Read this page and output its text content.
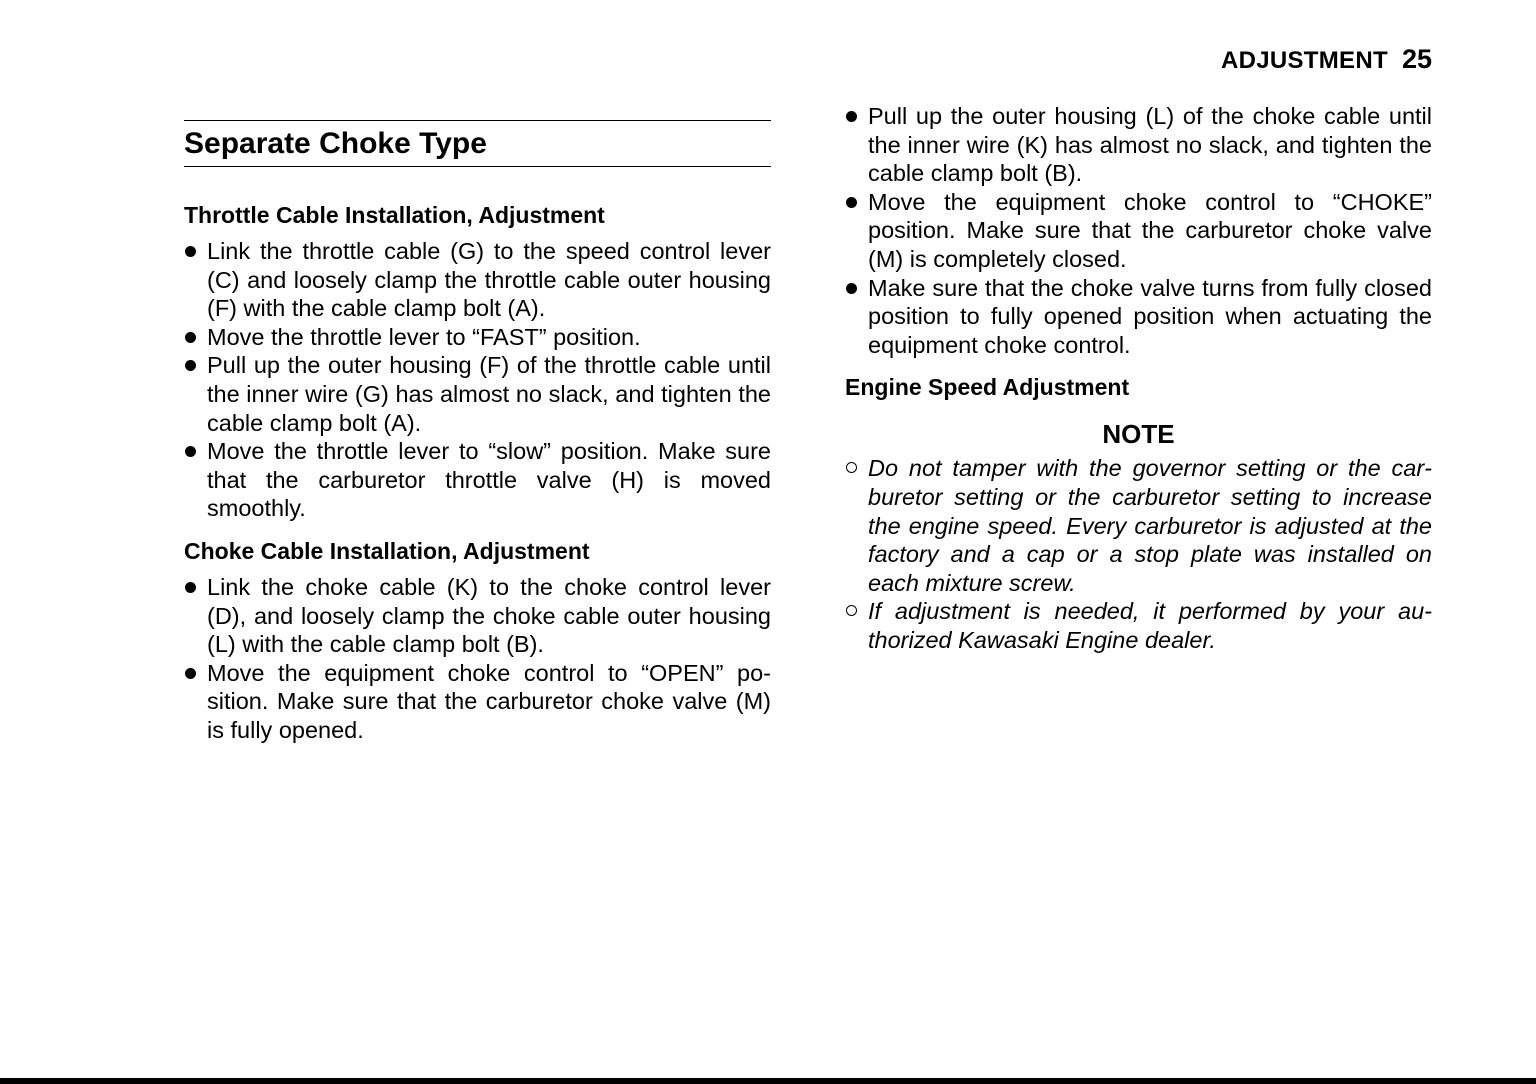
ADJUSTMENT 25
Separate Choke Type
Throttle Cable Installation, Adjustment
Link the throttle cable (G) to the speed control lever (C) and loosely clamp the throttle cable outer housing (F) with the cable clamp bolt (A).
Move the throttle lever to “FAST” position.
Pull up the outer housing (F) of the throttle cable until the inner wire (G) has almost no slack, and tighten the cable clamp bolt (A).
Move the throttle lever to “slow” position. Make sure that the carburetor throttle valve (H) is moved smoothly.
Choke Cable Installation, Adjustment
Link the choke cable (K) to the choke control lever (D), and loosely clamp the choke cable outer housing (L) with the cable clamp bolt (B).
Move the equipment choke control to “OPEN” position. Make sure that the carburetor choke valve (M) is fully opened.
Pull up the outer housing (L) of the choke cable until the inner wire (K) has almost no slack, and tighten the cable clamp bolt (B).
Move the equipment choke control to “CHOKE” position. Make sure that the carburetor choke valve (M) is completely closed.
Make sure that the choke valve turns from fully closed position to fully opened position when actuating the equipment choke control.
Engine Speed Adjustment
NOTE
Do not tamper with the governor setting or the carburetor setting or the carburetor setting to increase the engine speed. Every carburetor is adjusted at the factory and a cap or a stop plate was installed on each mixture screw.
If adjustment is needed, it performed by your authorized Kawasaki Engine dealer.
